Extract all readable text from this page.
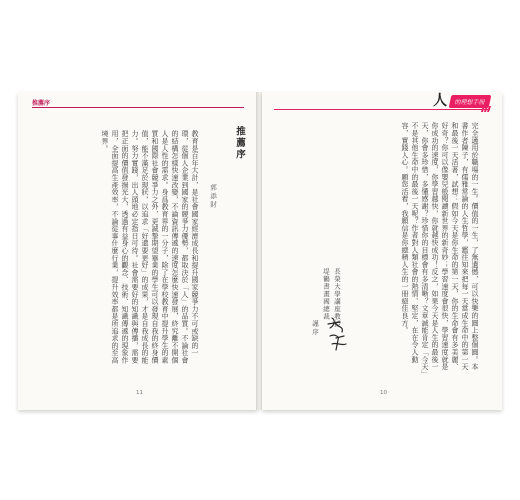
推薦序
推薦序
郭添財
教育是百年大計，是社會國家經濟成長和提升國家競爭力不可或缺的一環，從個人企業到國家的競爭力優勢，都取決於「人」的品質。不論社會的結構怎樣快速改變，不論資訊傳遞的速度怎麼快速發展，終究離不開個人是人性的需求。身爲教育界的一分子，除了在學校教育中提升學生的素質和國際社會競爭力之外，更誠摯期望畢業的學生可以發現自我的終身價值，能不滿足於現狀，以追求「好還要更好」的成果，才是自我成長的能力。努力實踐，出人頭地必定指日可待。社會需要好的知識與傳播，需要把正面的價值發揚光大，透過有益身心的觀念、技術、知識傳遞的現象作用，全面提高生產效率，不論從事什麼行業，提升效率都是所追求的至高境界。
11
人	的理想手冊
完全適用於職場的一生。價值的一生，了無遺憾，可以快樂的圓上整個圓。本書作者陳子，有儒雅常論的人生哲學，鑑往知來把每一天當成生命中的第一天和最後一天活著，試想：假如今天是你生命的第一天，你的生命會有多美麗、好奇？你可以像嬰兒般閱讀新世界的新奇妙；學習速度會很快，學習速度就是你成功的速度，你學習越快，你就越快成功！反之，如果今天是人生的最後一天，你會多珍惜，多懂感謝？珍惜你的目標會有多清晰？文章誠能肯定「今天」不是其他生命中的最後一天呢？作者對人類社會的熱情、堅定，在在令人動容，實踐人心。願您活着，我願信是你總精人生的一冊絕佳良方。
長榮大學講座教授
堤鶴書畫國總裁
謹序
10
